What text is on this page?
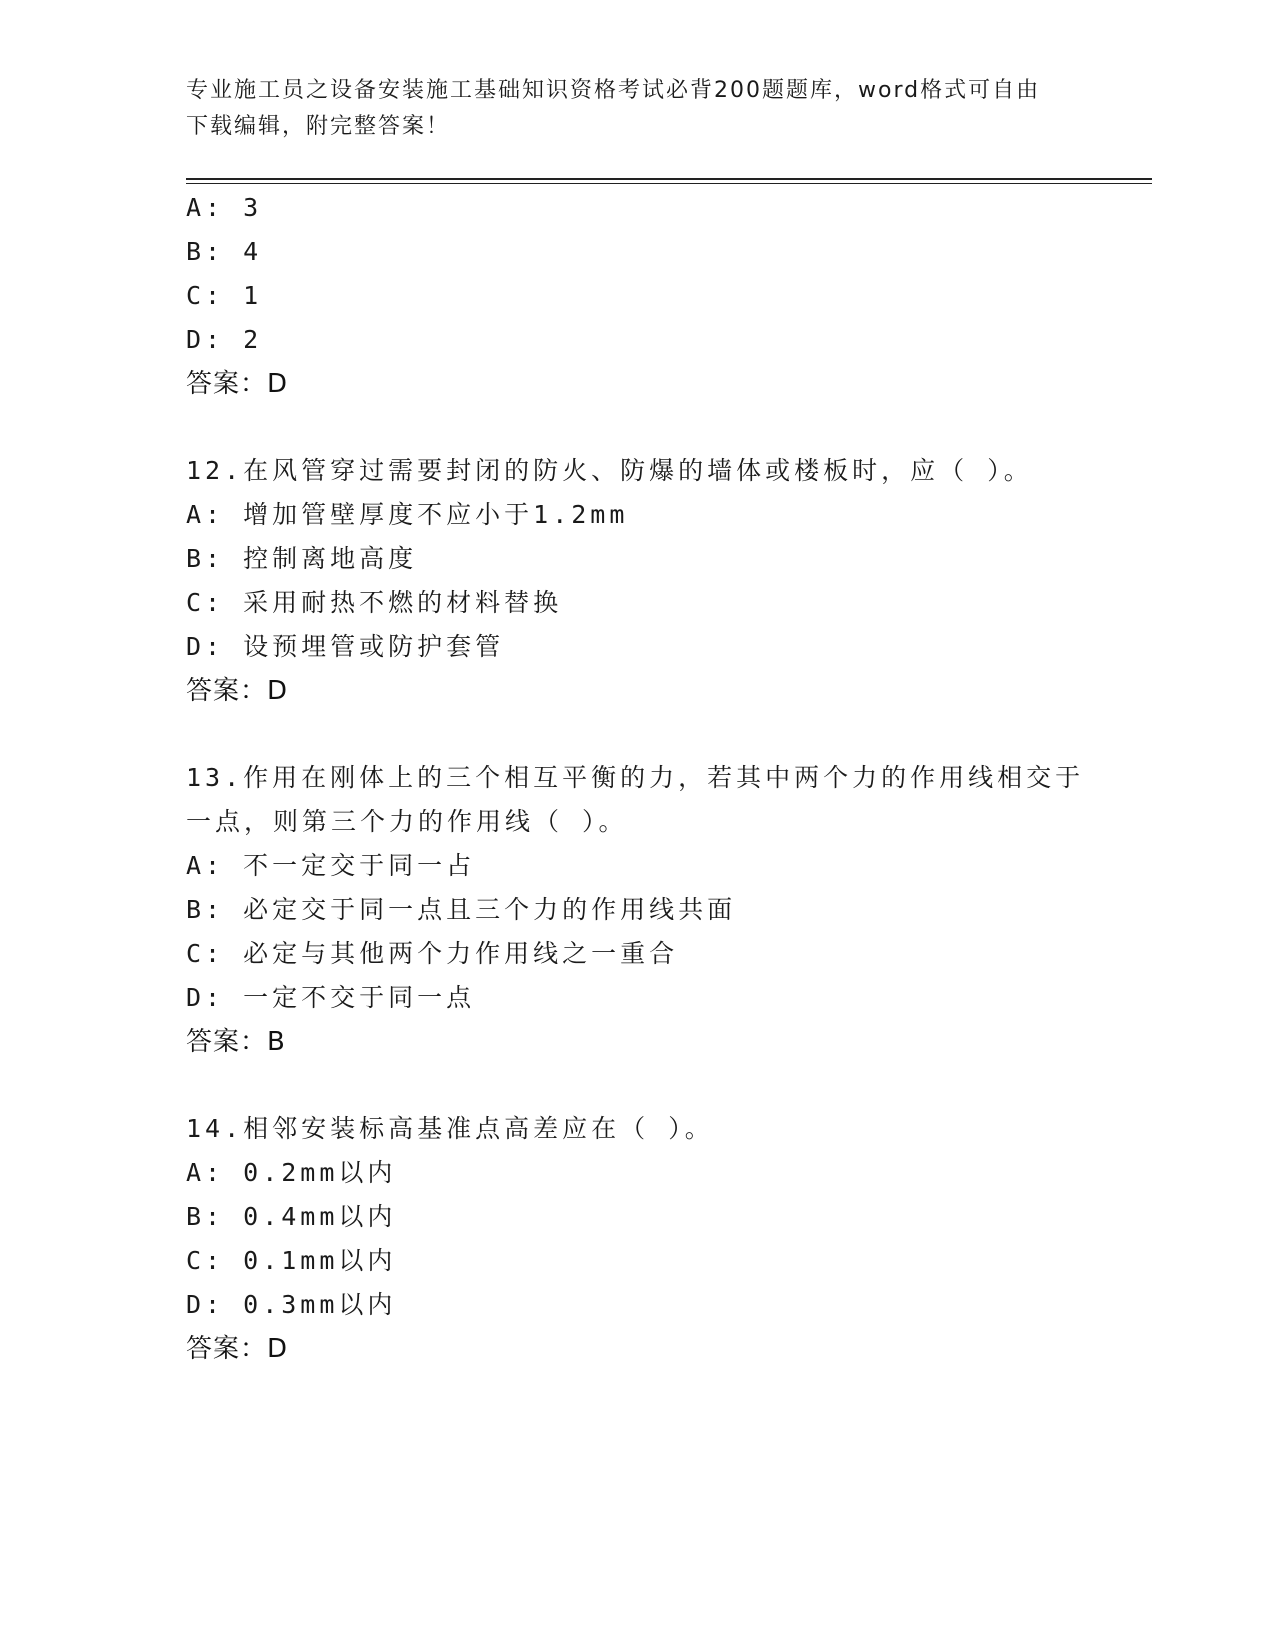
专业施工员之设备安装施工基础知识资格考试必背200题题库，word格式可自由
下载编辑，附完整答案！
A: 3
B: 4
C: 1
D: 2
答案：D
12.在风管穿过需要封闭的防火、防爆的墙体或楼板时，应（ ）。
A: 增加管壁厚度不应小于1.2mm
B: 控制离地高度
C: 采用耐热不燃的材料替换
D: 设预埋管或防护套管
答案：D
13.作用在刚体上的三个相互平衡的力，若其中两个力的作用线相交于
一点，则第三个力的作用线（ ）。
A: 不一定交于同一占
B: 必定交于同一点且三个力的作用线共面
C: 必定与其他两个力作用线之一重合
D: 一定不交于同一点
答案：B
14.相邻安装标高基准点高差应在（ ）。
A: 0.2mm以内
B: 0.4mm以内
C: 0.1mm以内
D: 0.3mm以内
答案：D
